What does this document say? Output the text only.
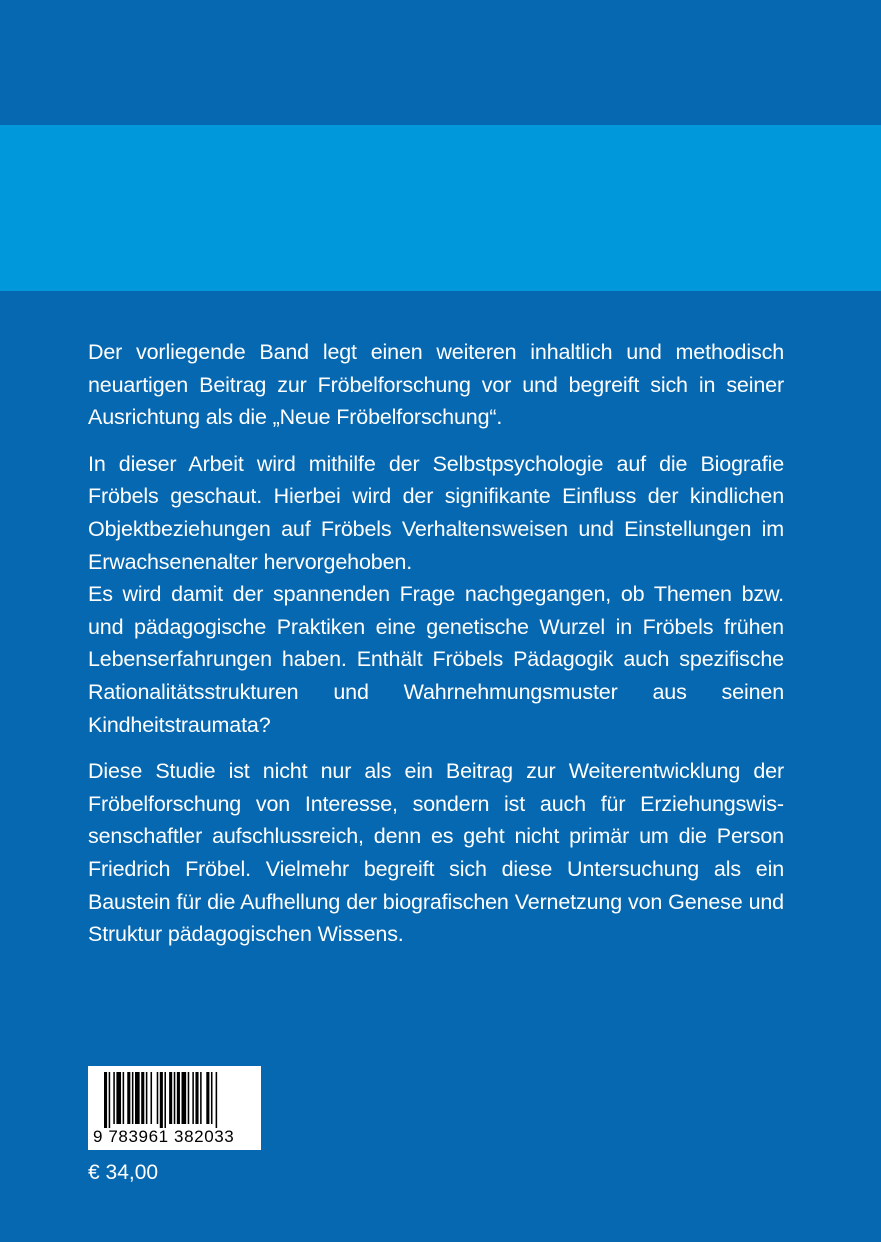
Der vorliegende Band legt einen weiteren inhaltlich und methodisch neuartigen Beitrag zur Fröbelforschung vor und begreift sich in seiner Ausrichtung als die „Neue Fröbelforschung“.

In dieser Arbeit wird mithilfe der Selbstpsychologie auf die Biografie Fröbels geschaut. Hierbei wird der signifikante Einfluss der kindlichen Objektbeziehungen auf Fröbels Verhaltensweisen und Einstellungen im Erwachsenenalter hervorgehoben.

Es wird damit der spannenden Frage nachgegangen, ob Themen bzw. und pädagogische Praktiken eine genetische Wurzel in Fröbels frühen Lebenserfahrungen haben. Enthält Fröbels Pädagogik auch spezifische Rationalitätsstrukturen und Wahrnehmungsmuster aus seinen Kindheitstraumata?

Diese Studie ist nicht nur als ein Beitrag zur Weiterentwicklung der Fröbelforschung von Interesse, sondern ist auch für Erziehungswissenschaftler aufschlussreich, denn es geht nicht primär um die Person Friedrich Fröbel. Vielmehr begreift sich diese Untersuchung als ein Baustein für die Aufhellung der biografischen Vernetzung von Genese und Struktur pädagogischen Wissens.

9 783961 382033
€ 34,00
